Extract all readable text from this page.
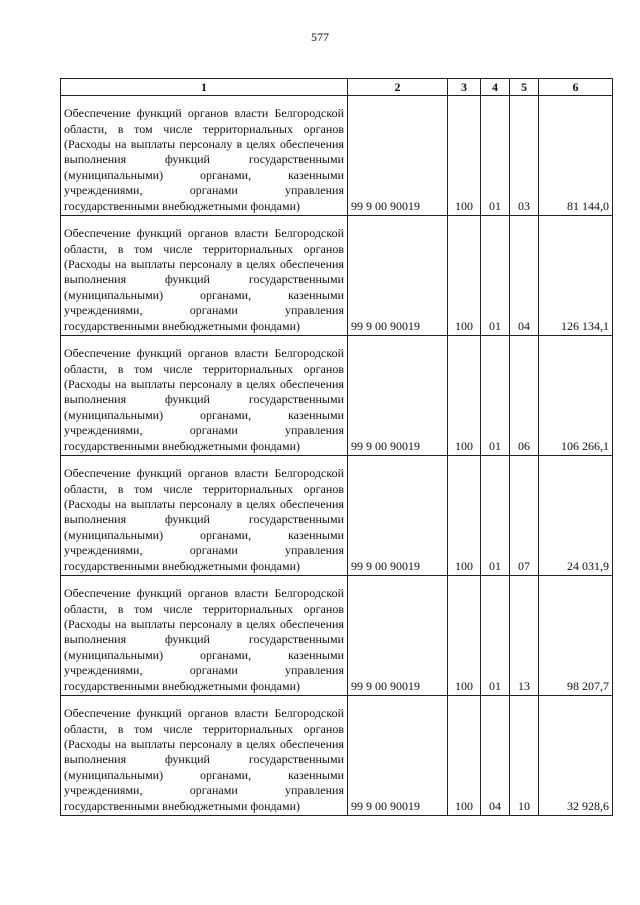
577
1	2	3	4	5	6
Обеспечение функций органов власти Белгородской области, в том числе территориальных органов (Расходы на выплаты персоналу в целях обеспечения выполнения функций государственными (муниципальными) органами, казенными учреждениями, органами управления государственными внебюджетными фондами)	99 9 00 90019	100	01	03	81 144,0
Обеспечение функций органов власти Белгородской области, в том числе территориальных органов (Расходы на выплаты персоналу в целях обеспечения выполнения функций государственными (муниципальными) органами, казенными учреждениями, органами управления государственными внебюджетными фондами)	99 9 00 90019	100	01	04	126 134,1
Обеспечение функций органов власти Белгородской области, в том числе территориальных органов (Расходы на выплаты персоналу в целях обеспечения выполнения функций государственными (муниципальными) органами, казенными учреждениями, органами управления государственными внебюджетными фондами)	99 9 00 90019	100	01	06	106 266,1
Обеспечение функций органов власти Белгородской области, в том числе территориальных органов (Расходы на выплаты персоналу в целях обеспечения выполнения функций государственными (муниципальными) органами, казенными учреждениями, органами управления государственными внебюджетными фондами)	99 9 00 90019	100	01	07	24 031,9
Обеспечение функций органов власти Белгородской области, в том числе территориальных органов (Расходы на выплаты персоналу в целях обеспечения выполнения функций государственными (муниципальными) органами, казенными учреждениями, органами управления государственными внебюджетными фондами)	99 9 00 90019	100	01	13	98 207,7
Обеспечение функций органов власти Белгородской области, в том числе территориальных органов (Расходы на выплаты персоналу в целях обеспечения выполнения функций государственными (муниципальными) органами, казенными учреждениями, органами управления государственными внебюджетными фондами)	99 9 00 90019	100	04	10	32 928,6
